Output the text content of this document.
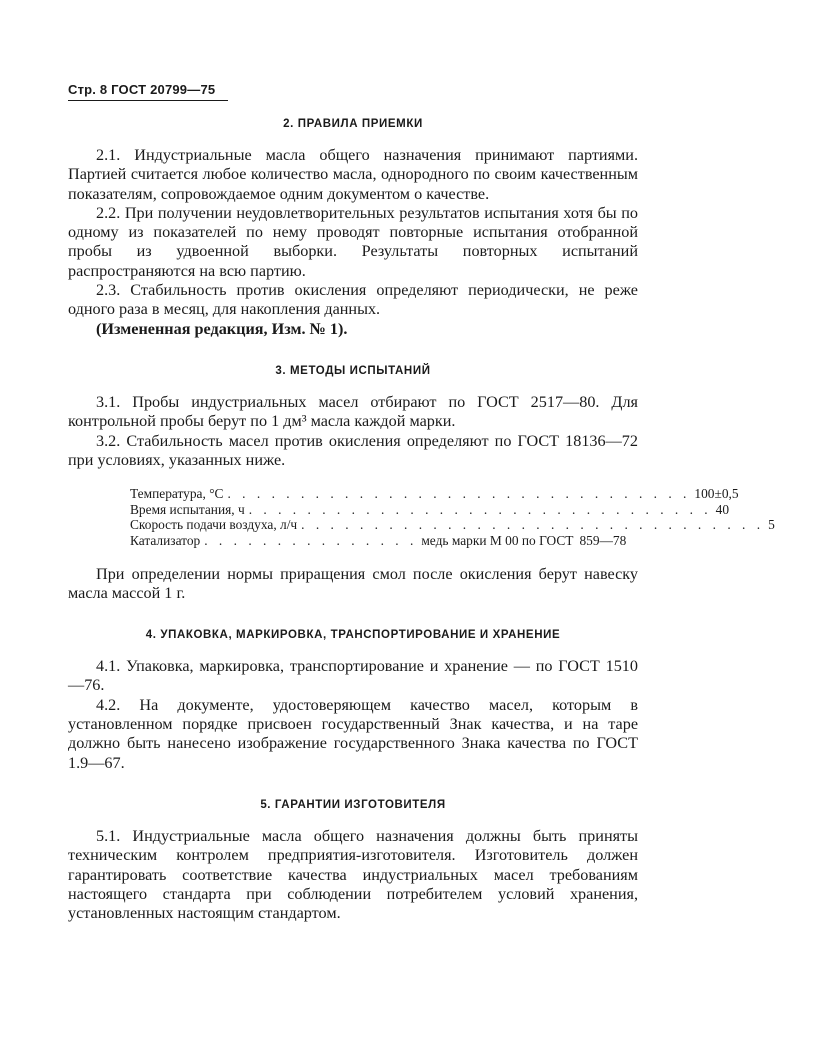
Стр. 8 ГОСТ 20799—75
2. ПРАВИЛА ПРИЕМКИ

2.1. Индустриальные масла общего назначения принимают партиями. Партией считается любое количество масла, однородного по своим качественным показателям, сопровождаемое одним документом о качестве.

2.2. При получении неудовлетворительных результатов испытания хотя бы по одному из показателей по нему проводят повторные испытания отобранной пробы из удвоенной выборки. Результаты повторных испытаний распространяются на всю партию.

2.3. Стабильность против окисления определяют периодически, не реже одного раза в месяц, для накопления данных.

(Измененная редакция, Изм. № 1).

3. МЕТОДЫ ИСПЫТАНИЙ

3.1. Пробы индустриальных масел отбирают по ГОСТ 2517—80. Для контрольной пробы берут по 1 дм³ масла каждой марки.

3.2. Стабильность масел против окисления определяют по ГОСТ 18136—72 при условиях, указанных ниже.

Температура, °С . . . . . . . . . . . . . . . . . . . . . . . . . . . . . . . . 100±0,5
Время испытания, ч . . . . . . . . . . . . . . . . . . . . . . . . . . . . . . . . 40
Скорость подачи воздуха, л/ч . . . . . . . . . . . . . . . . . . . . . . . . . . . . . . . . 5
Катализатор . . . . . . . . . . . . . . . медь марки М 00 по ГОСТ 859—78

При определении нормы приращения смол после окисления берут навеску масла массой 1 г.

4. УПАКОВКА, МАРКИРОВКА, ТРАНСПОРТИРОВАНИЕ И ХРАНЕНИЕ

4.1. Упаковка, маркировка, транспортирование и хранение — по ГОСТ 1510—76.

4.2. На документе, удостоверяющем качество масел, которым в установленном порядке присвоен государственный Знак качества, и на таре должно быть нанесено изображение государственного Знака качества по ГОСТ 1.9—67.

5. ГАРАНТИИ ИЗГОТОВИТЕЛЯ

5.1. Индустриальные масла общего назначения должны быть приняты техническим контролем предприятия-изготовителя. Изготовитель должен гарантировать соответствие качества индустриальных масел требованиям настоящего стандарта при соблюдении потребителем условий хранения, установленных настоящим стандартом.
